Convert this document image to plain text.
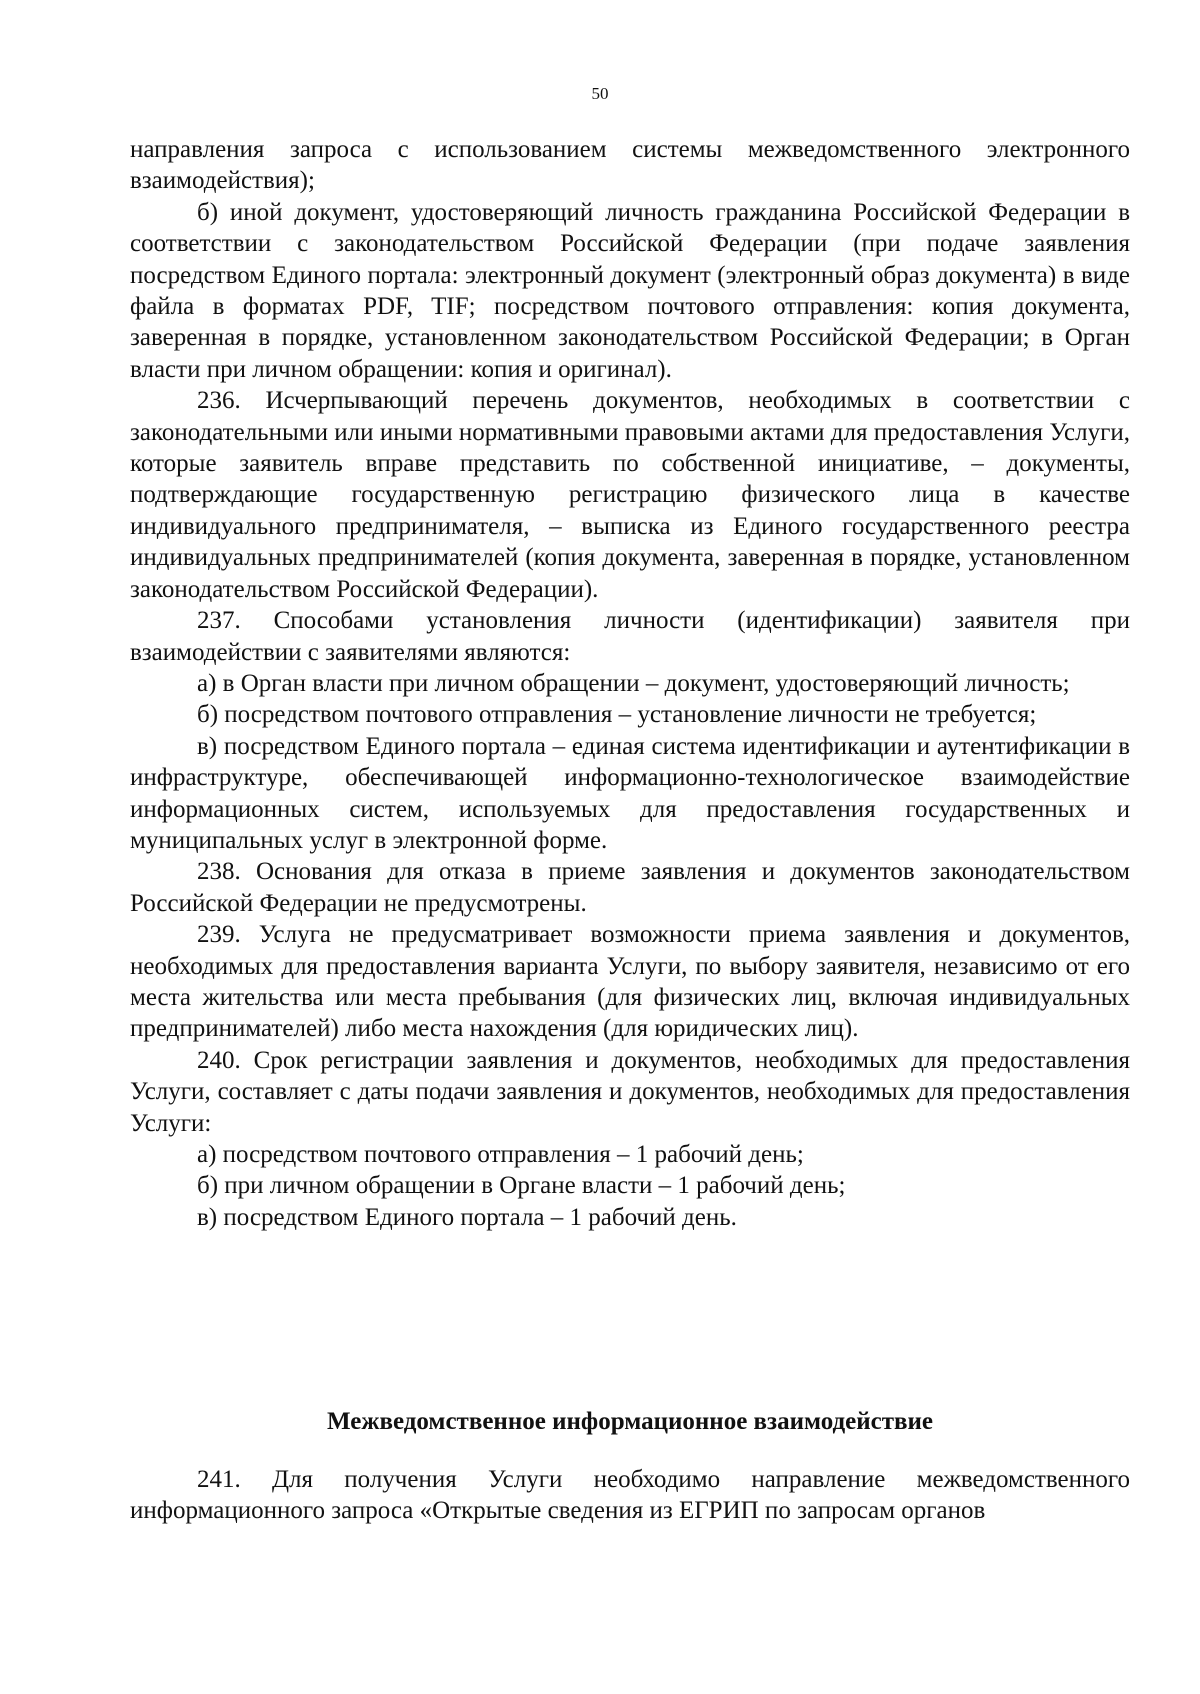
50

направления запроса с использованием системы межведомственного электронного взаимодействия);

б) иной документ, удостоверяющий личность гражданина Российской Федерации в соответствии с законодательством Российской Федерации (при подаче заявления посредством Единого портала: электронный документ (электронный образ документа) в виде файла в форматах PDF, TIF; посредством почтового отправления: копия документа, заверенная в порядке, установленном законодательством Российской Федерации; в Орган власти при личном обращении: копия и оригинал).

236. Исчерпывающий перечень документов, необходимых в соответствии с законодательными или иными нормативными правовыми актами для предоставления Услуги, которые заявитель вправе представить по собственной инициативе, – документы, подтверждающие государственную регистрацию физического лица в качестве индивидуального предпринимателя, – выписка из Единого государственного реестра индивидуальных предпринимателей (копия документа, заверенная в порядке, установленном законодательством Российской Федерации).

237. Способами установления личности (идентификации) заявителя при взаимодействии с заявителями являются:

а) в Орган власти при личном обращении – документ, удостоверяющий личность;

б) посредством почтового отправления – установление личности не требуется;

в) посредством Единого портала – единая система идентификации и аутентификации в инфраструктуре, обеспечивающей информационно-технологическое взаимодействие информационных систем, используемых для предоставления государственных и муниципальных услуг в электронной форме.

238. Основания для отказа в приеме заявления и документов законодательством Российской Федерации не предусмотрены.

239. Услуга не предусматривает возможности приема заявления и документов, необходимых для предоставления варианта Услуги, по выбору заявителя, независимо от его места жительства или места пребывания (для физических лиц, включая индивидуальных предпринимателей) либо места нахождения (для юридических лиц).

240. Срок регистрации заявления и документов, необходимых для предоставления Услуги, составляет с даты подачи заявления и документов, необходимых для предоставления Услуги:

а) посредством почтового отправления – 1 рабочий день;

б) при личном обращении в Органе власти – 1 рабочий день;

в) посредством Единого портала – 1 рабочий день.

Межведомственное информационное взаимодействие

241. Для получения Услуги необходимо направление межведомственного информационного запроса «Открытые сведения из ЕГРИП по запросам органов
